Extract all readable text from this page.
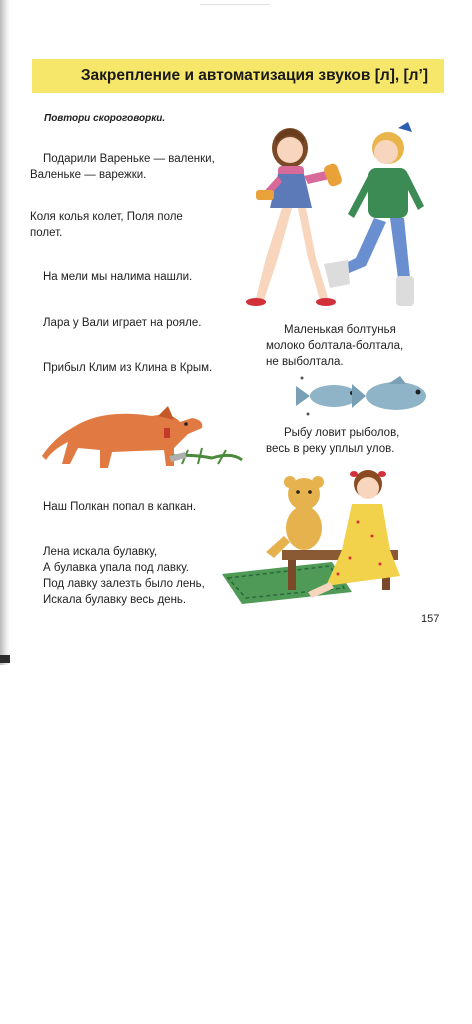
Закрепление и автоматизация звуков [л], [л’]
Повтори скороговорки.
Подарили Вареньке — валенки,
Валеньке — варежки.
Коля колья колет, Поля поле
полет.
На мели мы налима нашли.
Лара у Вали играет на рояле.
Прибыл Клим из Клина в Крым.
Маленькая болтунья
молоко болтала-болтала,
не выболтала.
Рыбу ловит рыболов,
весь в реку уплыл улов.
Наш Полкан попал в капкан.
Лена искала булавку,
А булавка упала под лавку.
Под лавку залезть было лень,
Искала булавку весь день.
157
